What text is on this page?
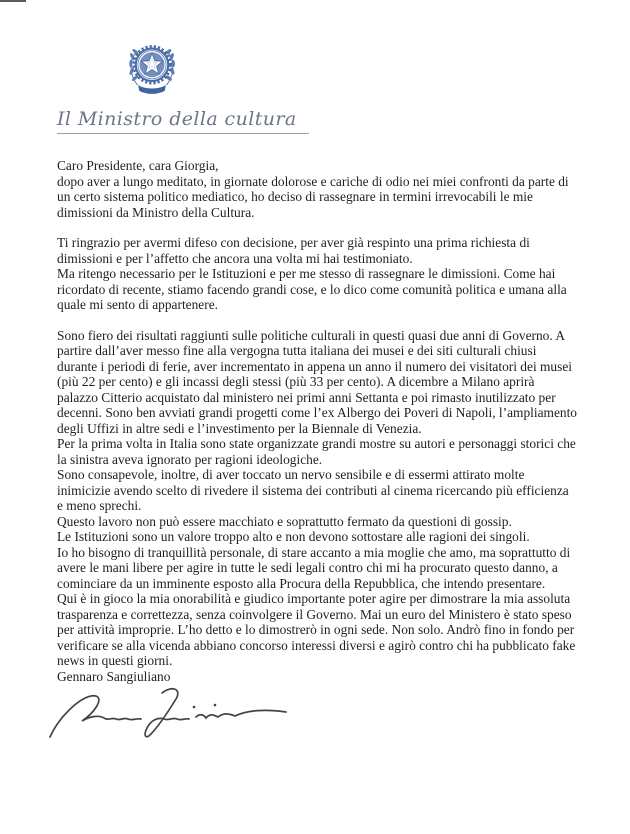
Il Ministro della cultura

Caro Presidente, cara Giorgia,

dopo aver a lungo meditato, in giornate dolorose e cariche di odio nei miei confronti da parte di un certo sistema politico mediatico, ho deciso di rassegnare in termini irrevocabili le mie dimissioni da Ministro della Cultura.

Ti ringrazio per avermi difeso con decisione, per aver già respinto una prima richiesta di dimissioni e per l’affetto che ancora una volta mi hai testimoniato.

Ma ritengo necessario per le Istituzioni e per me stesso di rassegnare le dimissioni. Come hai ricordato di recente, stiamo facendo grandi cose, e lo dico come comunità politica e umana alla quale mi sento di appartenere.

Sono fiero dei risultati raggiunti sulle politiche culturali in questi quasi due anni di Governo. A partire dall’aver messo fine alla vergogna tutta italiana dei musei e dei siti culturali chiusi durante i periodi di ferie, aver incrementato in appena un anno il numero dei visitatori dei musei (più 22 per cento) e gli incassi degli stessi (più 33 per cento). A dicembre a Milano aprirà palazzo Citterio acquistato dal ministero nei primi anni Settanta e poi rimasto inutilizzato per decenni. Sono ben avviati grandi progetti come l’ex Albergo dei Poveri di Napoli, l’ampliamento degli Uffizi in altre sedi e l’investimento per la Biennale di Venezia.

Per la prima volta in Italia sono state organizzate grandi mostre su autori e personaggi storici che la sinistra aveva ignorato per ragioni ideologiche.

Sono consapevole, inoltre, di aver toccato un nervo sensibile e di essermi attirato molte inimicizie avendo scelto di rivedere il sistema dei contributi al cinema ricercando più efficienza e meno sprechi.

Questo lavoro non può essere macchiato e soprattutto fermato da questioni di gossip.

Le Istituzioni sono un valore troppo alto e non devono sottostare alle ragioni dei singoli.

Io ho bisogno di tranquillità personale, di stare accanto a mia moglie che amo, ma soprattutto di avere le mani libere per agire in tutte le sedi legali contro chi mi ha procurato questo danno, a cominciare da un imminente esposto alla Procura della Repubblica, che intendo presentare.

Qui è in gioco la mia onorabilità e giudico importante poter agire per dimostrare la mia assoluta trasparenza e correttezza, senza coinvolgere il Governo. Mai un euro del Ministero è stato speso per attività improprie. L’ho detto e lo dimostrerò in ogni sede. Non solo. Andrò fino in fondo per verificare se alla vicenda abbiano concorso interessi diversi e agirò contro chi ha pubblicato fake news in questi giorni.

Gennaro Sangiuliano
